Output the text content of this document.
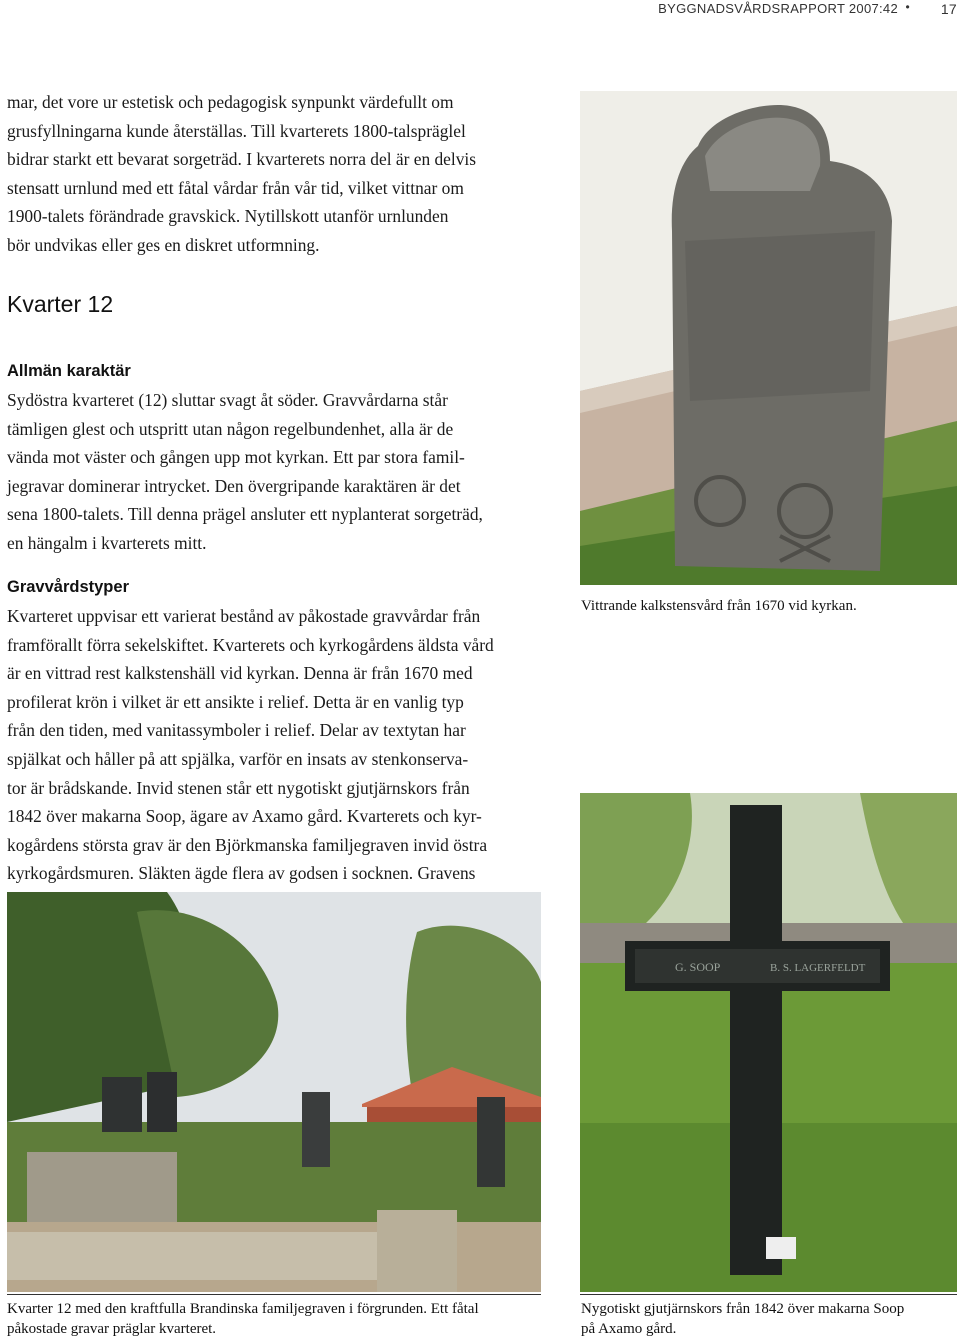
BYGGNADSVÅRDSRAPPORT 2007:42 • 17

mar, det vore ur estetisk och pedagogisk synpunkt värdefullt om
grusfyllningarna kunde återställas. Till kvarterets 1800-talspräglel
bidrar starkt ett bevarat sorgeträd. I kvarterets norra del är en delvis
stensatt urnlund med ett fåtal vårdar från vår tid, vilket vittnar om
1900-talets förändrade gravskick. Nytillskott utanför urnlunden
bör undvikas eller ges en diskret utformning.

Kvarter 12
Allmän karaktär

Sydöstra kvarteret (12) sluttar svagt åt söder. Gravvårdarna står
tämligen glest och utspritt utan någon regelbundenhet, alla är de
vända mot väster och gången upp mot kyrkan. Ett par stora famil-
jegravar dominerar intrycket. Den övergripande karaktären är det
sena 1800-talets. Till denna prägel ansluter ett nyplanterat sorgeträd,
en hängalm i kvarterets mitt.

Gravvårdstyper

Kvarteret uppvisar ett varierat bestånd av påkostade gravvårdar från
framförallt förra sekelskiftet. Kvarterets och kyrkogårdens äldsta vård
är en vittrad rest kalkstenshäll vid kyrkan. Denna är från 1670 med
profilerat krön i vilket är ett ansikte i relief. Detta är en vanlig typ
från den tiden, med vanitassymboler i relief. Delar av textytan har
spjälkat och håller på att spjälka, varför en insats av stenkonserva-
tor är brådskande. Invid stenen står ett nygotiskt gjutjärnskors från
1842 över makarna Soop, ägare av Axamo gård. Kvarterets och kyr-
kogårdens största grav är den Björkmanska familjegraven invid östra
kyrkogårdsmuren. Släkten ägde flera av godsen i socknen. Gravens

Vittrande kalkstensvård från 1670 vid kyrkan.

Kvarter 12 med den kraftfulla Brandinska familjegraven i förgrunden. Ett fåtal
påkostade gravar präglar kvarteret.

G. SOOP	B. S. LAGERFELDT

Nygotiskt gjutjärnskors från 1842 över makarna Soop
på Axamo gård.
